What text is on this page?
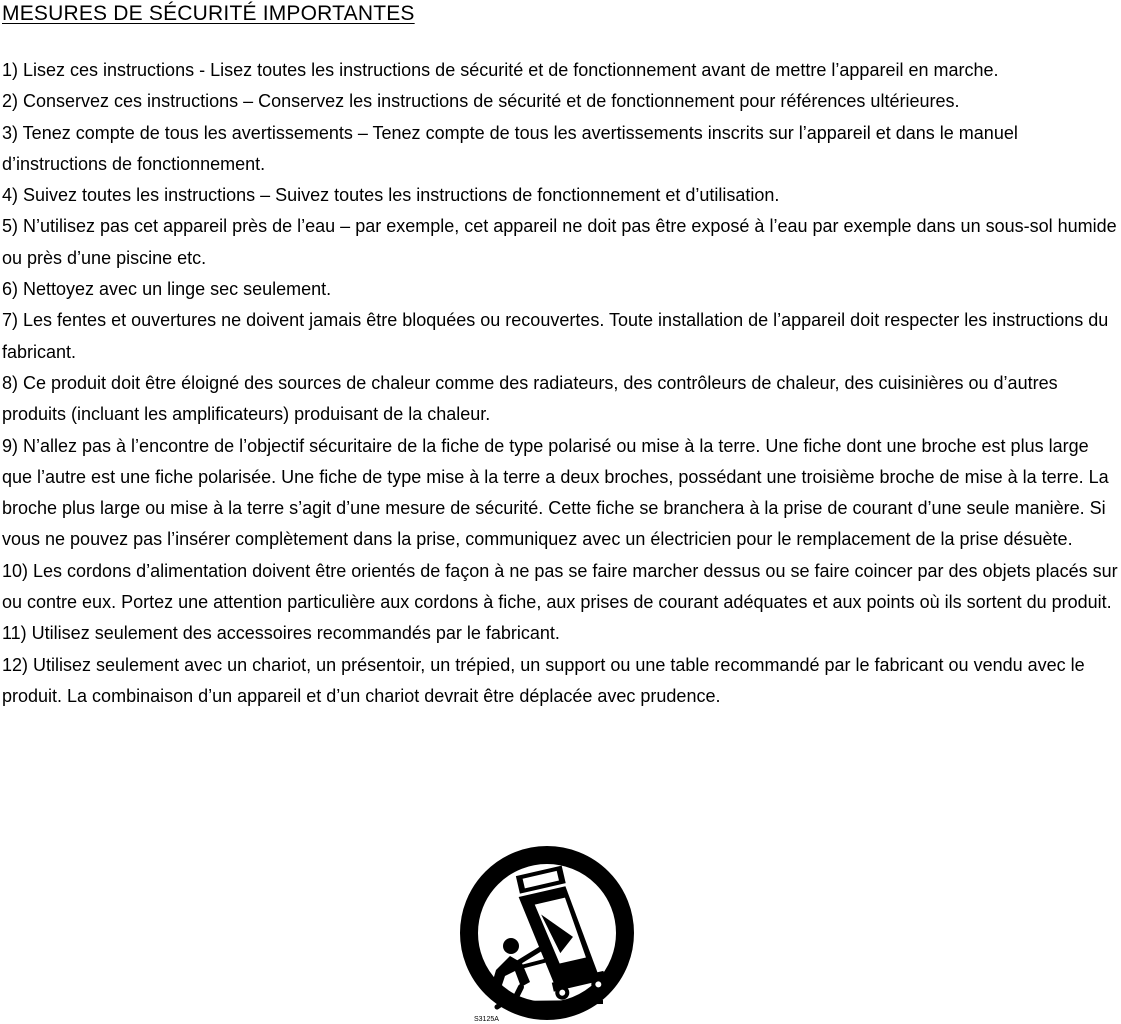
MESURES DE SÉCURITÉ IMPORTANTES

1) Lisez ces instructions - Lisez toutes les instructions de sécurité et de fonctionnement avant de mettre l’appareil en marche.

2) Conservez ces instructions – Conservez les instructions de sécurité et de fonctionnement pour références ultérieures.

3) Tenez compte de tous les avertissements – Tenez compte de tous les avertissements inscrits sur l’appareil et dans le manuel d’instructions de fonctionnement.

4) Suivez toutes les instructions – Suivez toutes les instructions de fonctionnement et d’utilisation.

5) N’utilisez pas cet appareil près de l’eau – par exemple, cet appareil ne doit pas être exposé à l’eau par exemple dans un sous-sol humide ou près d’une piscine etc.

6) Nettoyez avec un linge sec seulement.

7) Les fentes et ouvertures ne doivent jamais être bloquées ou recouvertes. Toute installation de l’appareil doit respecter les instructions du fabricant.

8) Ce produit doit être éloigné des sources de chaleur comme des radiateurs, des contrôleurs de chaleur, des cuisinières ou d’autres produits (incluant les amplificateurs) produisant de la chaleur.

9) N’allez pas à l’encontre de l’objectif sécuritaire de la fiche de type polarisé ou mise à la terre. Une fiche dont une broche est plus large que l’autre est une fiche polarisée. Une fiche de type mise à la terre a deux broches, possédant une troisième broche de mise à la terre. La broche plus large ou mise à la terre s’agit d’une mesure de sécurité. Cette fiche se branchera à la prise de courant d’une seule manière. Si vous ne pouvez pas l’insérer complètement dans la prise, communiquez avec un électricien pour le remplacement de la prise désuète.

10) Les cordons d’alimentation doivent être orientés de façon à ne pas se faire marcher dessus ou se faire coincer par des objets placés sur ou contre eux. Portez une attention particulière aux cordons à fiche, aux prises de courant adéquates et aux points où ils sortent du produit.

11) Utilisez seulement des accessoires recommandés par le fabricant.

12) Utilisez seulement avec un chariot, un présentoir, un trépied, un support ou une table recommandé par le fabricant ou vendu avec le produit. La combinaison d’un appareil et d’un chariot devrait être déplacée avec prudence.

S3125A
